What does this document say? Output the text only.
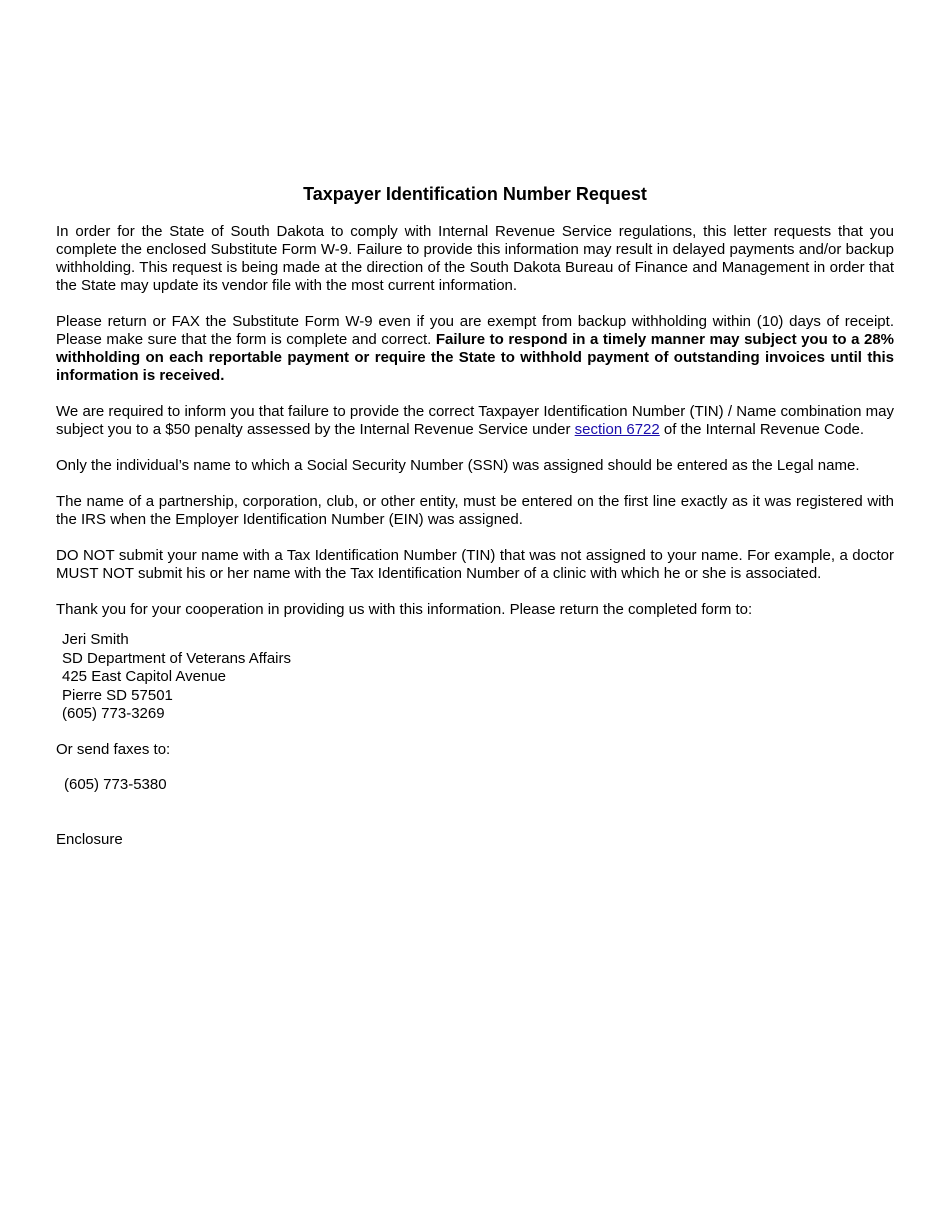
Taxpayer Identification Number Request
In order for the State of South Dakota to comply with Internal Revenue Service regulations, this letter requests that you complete the enclosed Substitute Form W-9. Failure to provide this information may result in delayed payments and/or backup withholding. This request is being made at the direction of the South Dakota Bureau of Finance and Management in order that the State may update its vendor file with the most current information.
Please return or FAX the Substitute Form W-9 even if you are exempt from backup withholding within (10) days of receipt. Please make sure that the form is complete and correct. Failure to respond in a timely manner may subject you to a 28% withholding on each reportable payment or require the State to withhold payment of outstanding invoices until this information is received.
We are required to inform you that failure to provide the correct Taxpayer Identification Number (TIN) / Name combination may subject you to a $50 penalty assessed by the Internal Revenue Service under section 6722 of the Internal Revenue Code.
Only the individual’s name to which a Social Security Number (SSN) was assigned should be entered as the Legal name.
The name of a partnership, corporation, club, or other entity, must be entered on the first line exactly as it was registered with the IRS when the Employer Identification Number (EIN) was assigned.
DO NOT submit your name with a Tax Identification Number (TIN) that was not assigned to your name. For example, a doctor MUST NOT submit his or her name with the Tax Identification Number of a clinic with which he or she is associated.
Thank you for your cooperation in providing us with this information. Please return the completed form to:
Jeri Smith
SD Department of Veterans Affairs
425 East Capitol Avenue
Pierre SD 57501
(605) 773-3269
Or send faxes to:
(605) 773-5380
Enclosure
